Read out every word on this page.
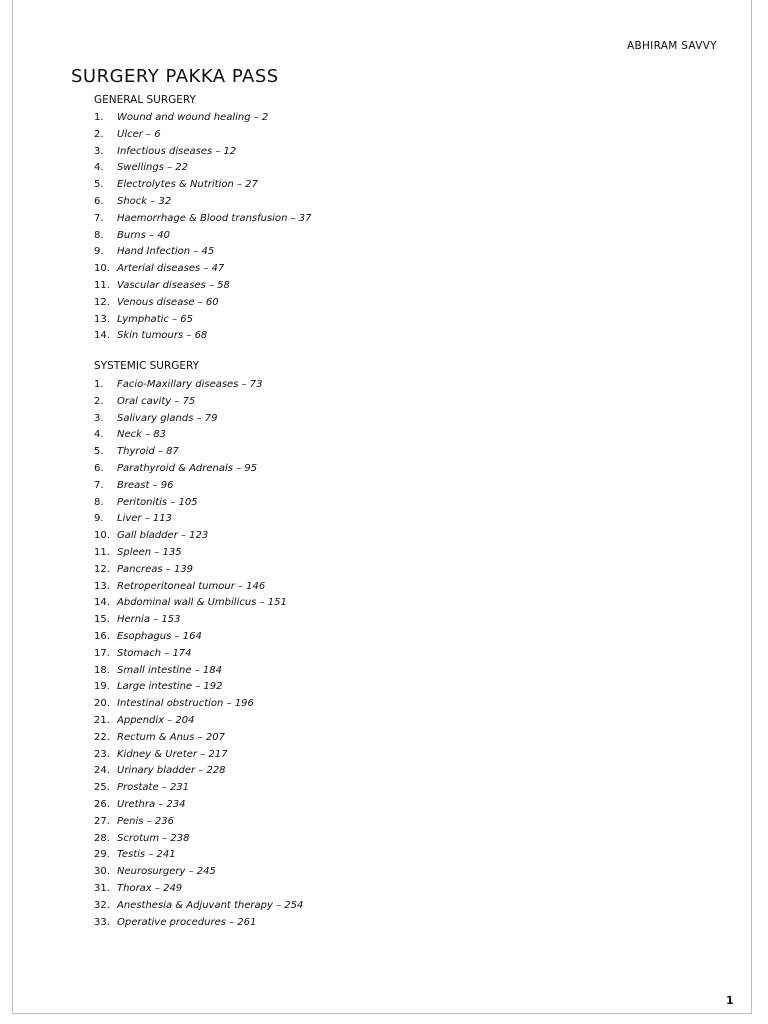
ABHIRAM SAVVY
SURGERY PAKKA PASS
GENERAL SURGERY
1. Wound and wound healing – 2
2. Ulcer – 6
3. Infectious diseases – 12
4. Swellings – 22
5. Electrolytes & Nutrition – 27
6. Shock – 32
7. Haemorrhage & Blood transfusion – 37
8. Burns – 40
9. Hand Infection – 45
10. Arterial diseases – 47
11. Vascular diseases – 58
12. Venous disease – 60
13. Lymphatic – 65
14. Skin tumours – 68
SYSTEMIC SURGERY
1. Facio-Maxillary diseases – 73
2. Oral cavity – 75
3. Salivary glands – 79
4. Neck – 83
5. Thyroid – 87
6. Parathyroid & Adrenals – 95
7. Breast – 96
8. Peritonitis – 105
9. Liver – 113
10. Gall bladder – 123
11. Spleen – 135
12. Pancreas – 139
13. Retroperitoneal tumour – 146
14. Abdominal wall & Umbilicus – 151
15. Hernia – 153
16. Esophagus – 164
17. Stomach – 174
18. Small intestine – 184
19. Large intestine – 192
20. Intestinal obstruction – 196
21. Appendix – 204
22. Rectum & Anus – 207
23. Kidney & Ureter – 217
24. Urinary bladder – 228
25. Prostate – 231
26. Urethra – 234
27. Penis – 236
28. Scrotum – 238
29. Testis – 241
30. Neurosurgery – 245
31. Thorax – 249
32. Anesthesia & Adjuvant therapy – 254
33. Operative procedures – 261
1
